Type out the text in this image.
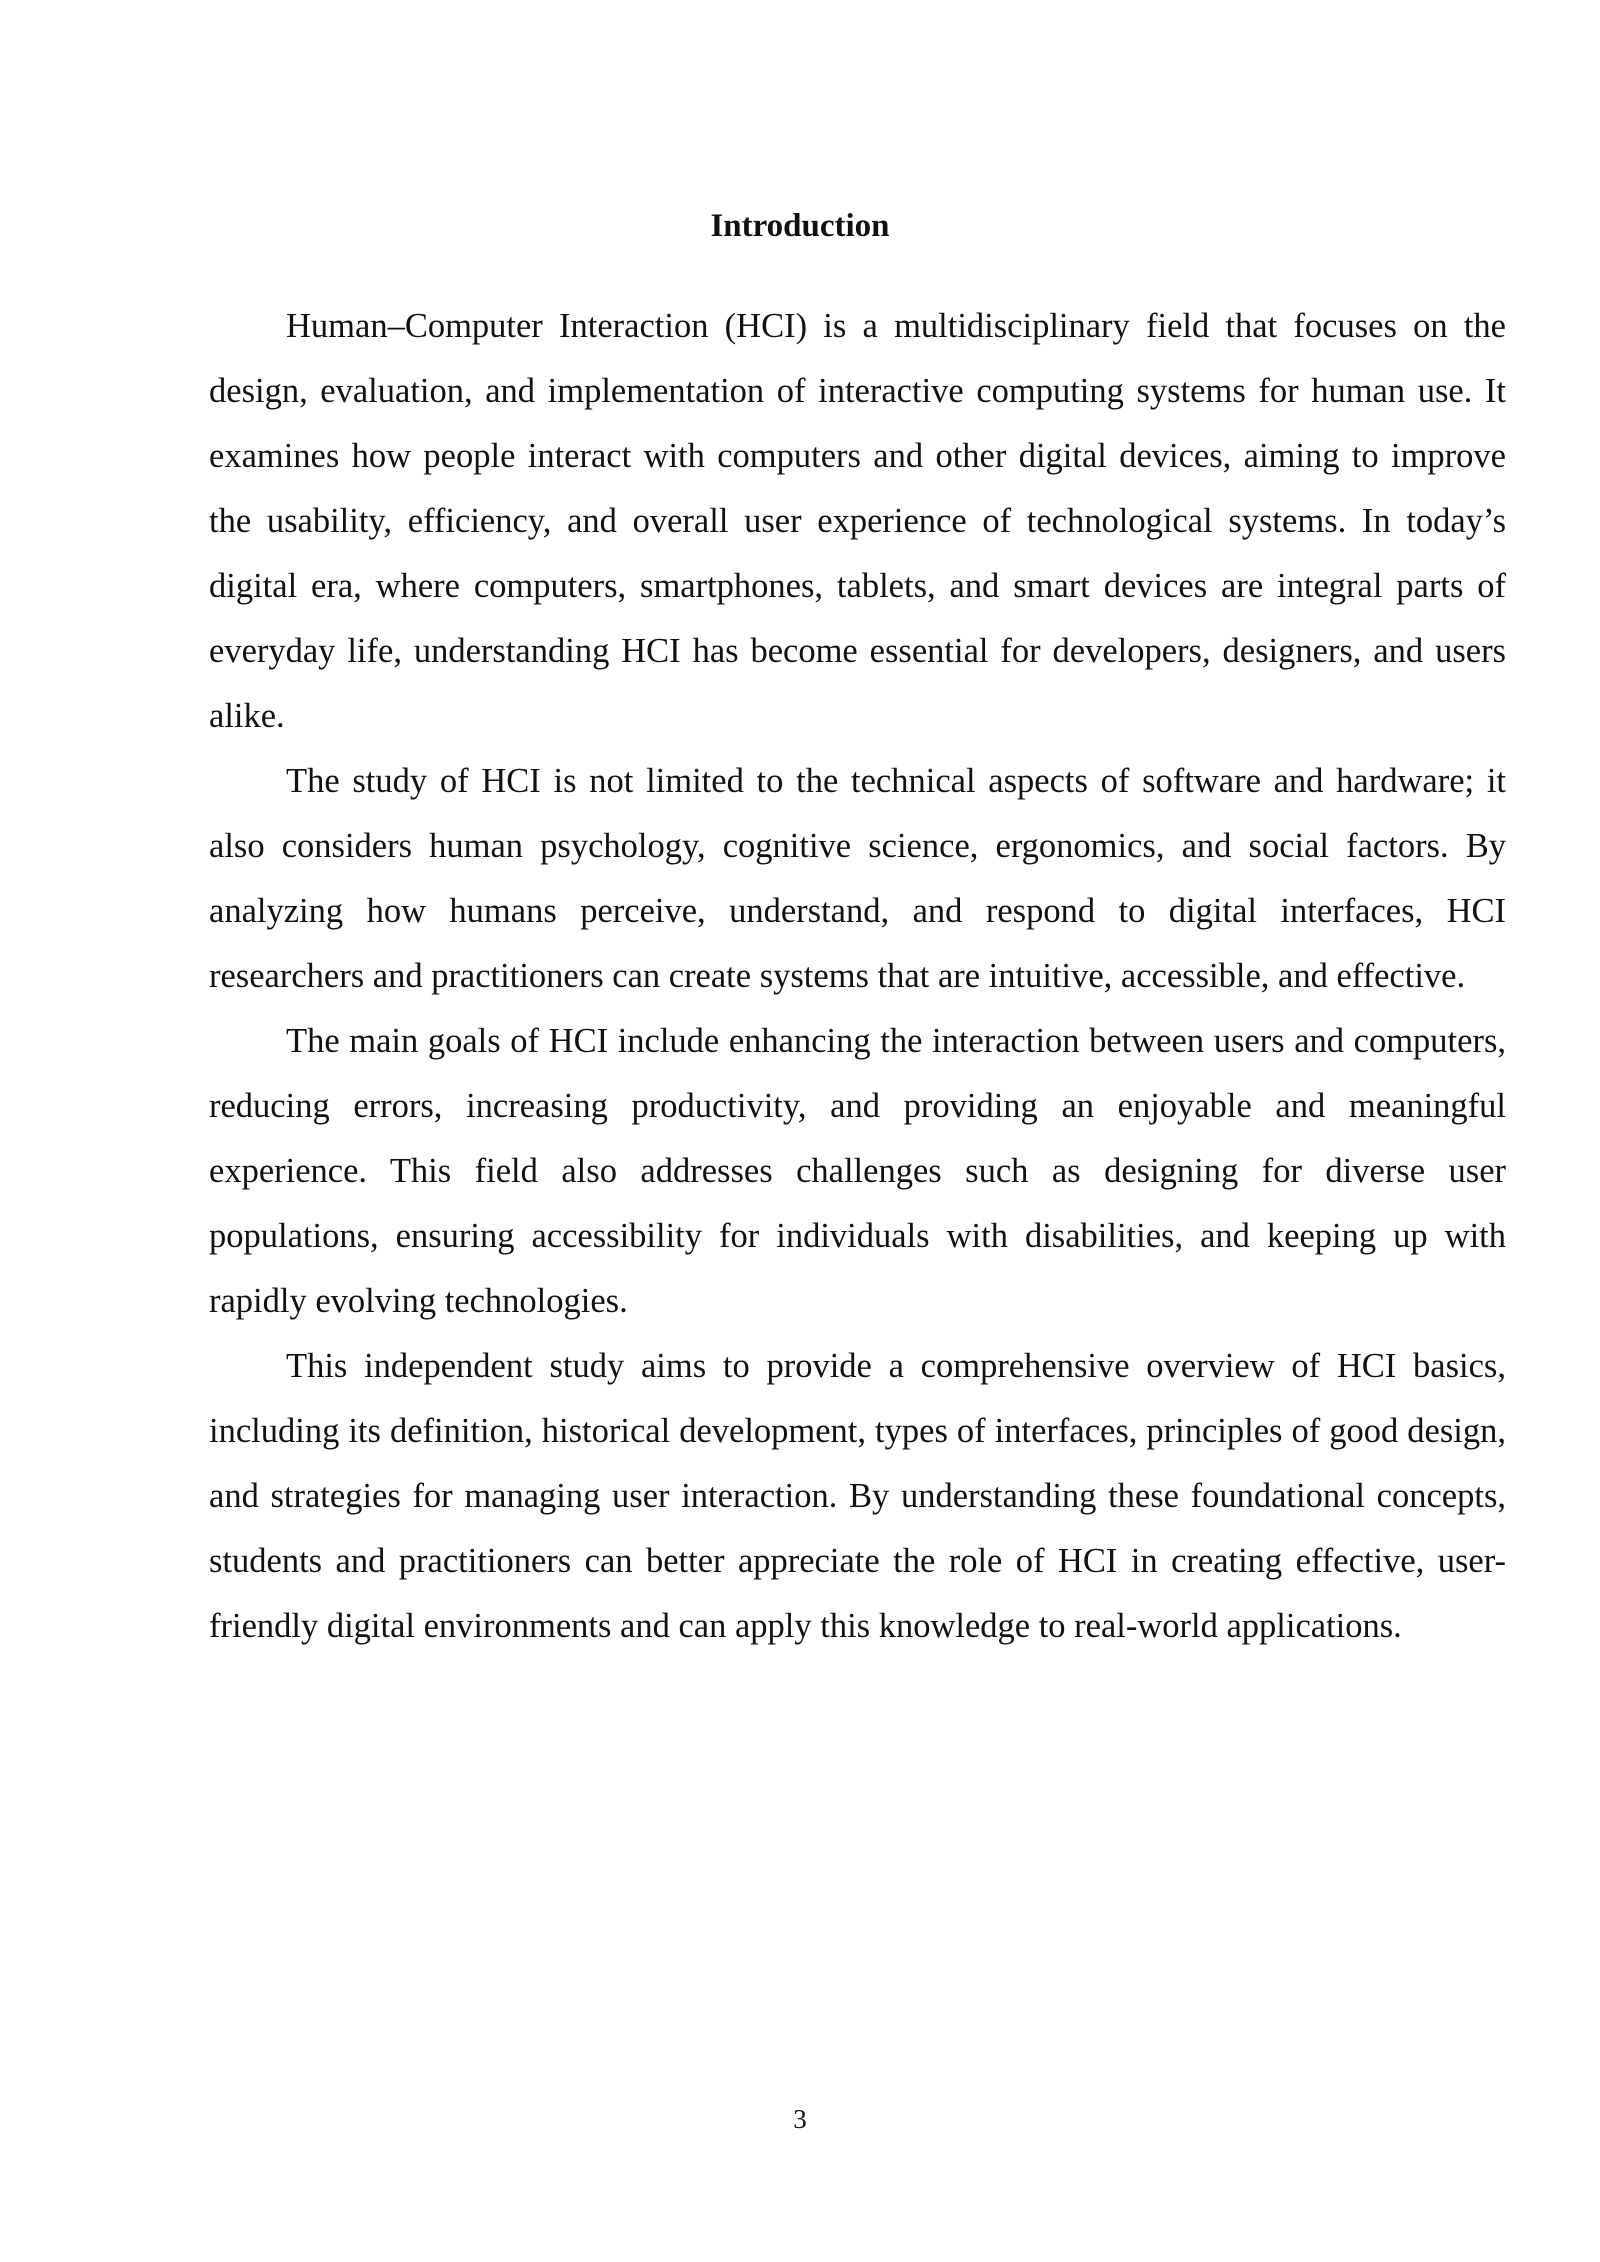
Introduction

Human–Computer Interaction (HCI) is a multidisciplinary field that focuses on the design, evaluation, and implementation of interactive computing systems for human use. It examines how people interact with computers and other digital devices, aiming to improve the usability, efficiency, and overall user experience of technological systems. In today’s digital era, where computers, smartphones, tablets, and smart devices are integral parts of everyday life, understanding HCI has become essential for developers, designers, and users alike.

The study of HCI is not limited to the technical aspects of software and hardware; it also considers human psychology, cognitive science, ergonomics, and social factors. By analyzing how humans perceive, understand, and respond to digital interfaces, HCI researchers and practitioners can create systems that are intuitive, accessible, and effective.

The main goals of HCI include enhancing the interaction between users and computers, reducing errors, increasing productivity, and providing an enjoyable and meaningful experience. This field also addresses challenges such as designing for diverse user populations, ensuring accessibility for individuals with disabilities, and keeping up with rapidly evolving technologies.

This independent study aims to provide a comprehensive overview of HCI basics, including its definition, historical development, types of interfaces, principles of good design, and strategies for managing user interaction. By understanding these foundational concepts, students and practitioners can better appreciate the role of HCI in creating effective, user-friendly digital environments and can apply this knowledge to real-world applications.

3
